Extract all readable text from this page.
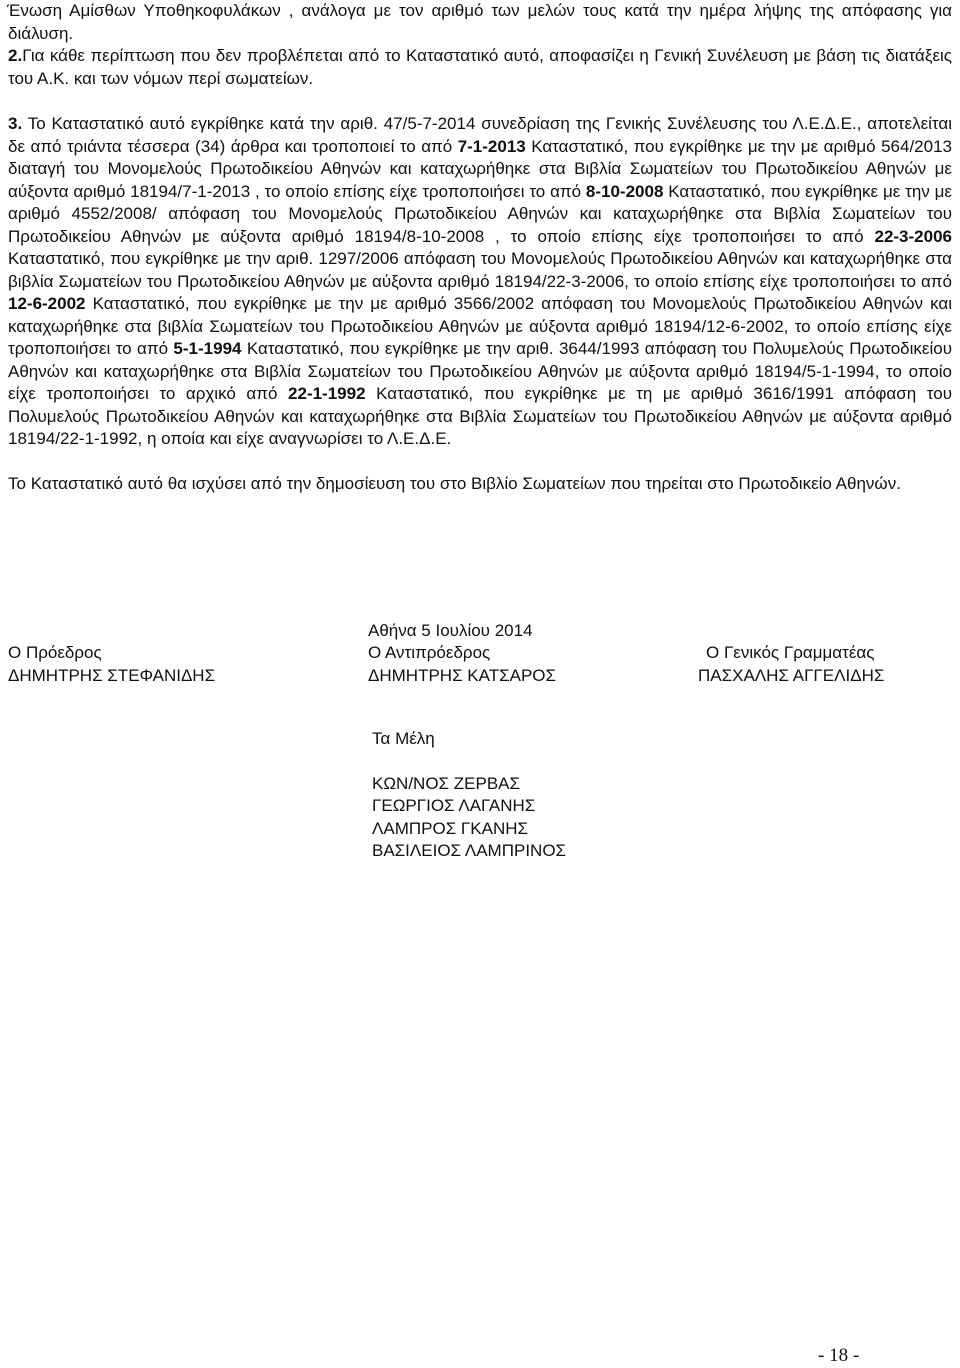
Ένωση Αμίσθων Υποθηκοφυλάκων , ανάλογα με τον αριθμό των μελών τους κατά την ημέρα λήψης της απόφασης για διάλυση.

2.Για κάθε περίπτωση που δεν προβλέπεται από το Καταστατικό αυτό, αποφασίζει η Γενική Συνέλευση με βάση τις διατάξεις του Α.Κ. και των νόμων περί σωματείων.

3. Το Καταστατικό αυτό εγκρίθηκε κατά την αριθ. 47/5-7-2014 συνεδρίαση της Γενικής Συνέλευσης του Λ.Ε.Δ.Ε., αποτελείται δε από τριάντα τέσσερα (34) άρθρα και τροποποιεί το από 7-1-2013 Καταστατικό, που εγκρίθηκε με την με αριθμό 564/2013 διαταγή του Μονομελούς Πρωτοδικείου Αθηνών και καταχωρήθηκε στα Βιβλία Σωματείων του Πρωτοδικείου Αθηνών με αύξοντα αριθμό 18194/7-1-2013 , το οποίο επίσης είχε τροποποιήσει το από 8-10-2008 Καταστατικό, που εγκρίθηκε με την με αριθμό 4552/2008/ απόφαση του Μονομελούς Πρωτοδικείου Αθηνών και καταχωρήθηκε στα Βιβλία Σωματείων του Πρωτοδικείου Αθηνών με αύξοντα αριθμό 18194/8-10-2008 , το οποίο επίσης είχε τροποποιήσει το από 22-3-2006 Καταστατικό, που εγκρίθηκε με την αριθ. 1297/2006 απόφαση του Μονομελούς Πρωτοδικείου Αθηνών και καταχωρήθηκε στα βιβλία Σωματείων του Πρωτοδικείου Αθηνών με αύξοντα αριθμό 18194/22-3-2006, το οποίο επίσης είχε τροποποιήσει το από 12-6-2002 Καταστατικό, που εγκρίθηκε με την με αριθμό 3566/2002 απόφαση του Μονομελούς Πρωτοδικείου Αθηνών και καταχωρήθηκε στα βιβλία Σωματείων του Πρωτοδικείου Αθηνών με αύξοντα αριθμό 18194/12-6-2002, το οποίο επίσης είχε τροποποιήσει το από 5-1-1994 Καταστατικό, που εγκρίθηκε με την αριθ. 3644/1993 απόφαση του Πολυμελούς Πρωτοδικείου Αθηνών και καταχωρήθηκε στα Βιβλία Σωματείων του Πρωτοδικείου Αθηνών με αύξοντα αριθμό 18194/5-1-1994, το οποίο είχε τροποποιήσει το αρχικό από 22-1-1992 Καταστατικό, που εγκρίθηκε με τη με αριθμό 3616/1991 απόφαση του Πολυμελούς Πρωτοδικείου Αθηνών και καταχωρήθηκε στα Βιβλία Σωματείων του Πρωτοδικείου Αθηνών με αύξοντα αριθμό 18194/22-1-1992, η οποία και είχε αναγνωρίσει το Λ.Ε.Δ.Ε.

Το Καταστατικό αυτό θα ισχύσει από την δημοσίευση του στο Βιβλίο Σωματείων που τηρείται στο Πρωτοδικείο Αθηνών.

Αθήνα 5 Ιουλίου 2014
Ο Πρόεδρος
ΔΗΜΗΤΡΗΣ ΣΤΕΦΑΝΙΔΗΣ
Ο Αντιπρόεδρος
ΔΗΜΗΤΡΗΣ ΚΑΤΣΑΡΟΣ
Ο Γενικός Γραμματέας
ΠΑΣΧΑΛΗΣ ΑΓΓΕΛΙΔΗΣ
Τα Μέλη
ΚΩΝ/ΝΟΣ ΖΕΡΒΑΣ
ΓΕΩΡΓΙΟΣ ΛΑΓΑΝΗΣ
ΛΑΜΠΡΟΣ ΓΚΑΝΗΣ
ΒΑΣΙΛΕΙΟΣ ΛΑΜΠΡΙΝΟΣ
- 18 -
